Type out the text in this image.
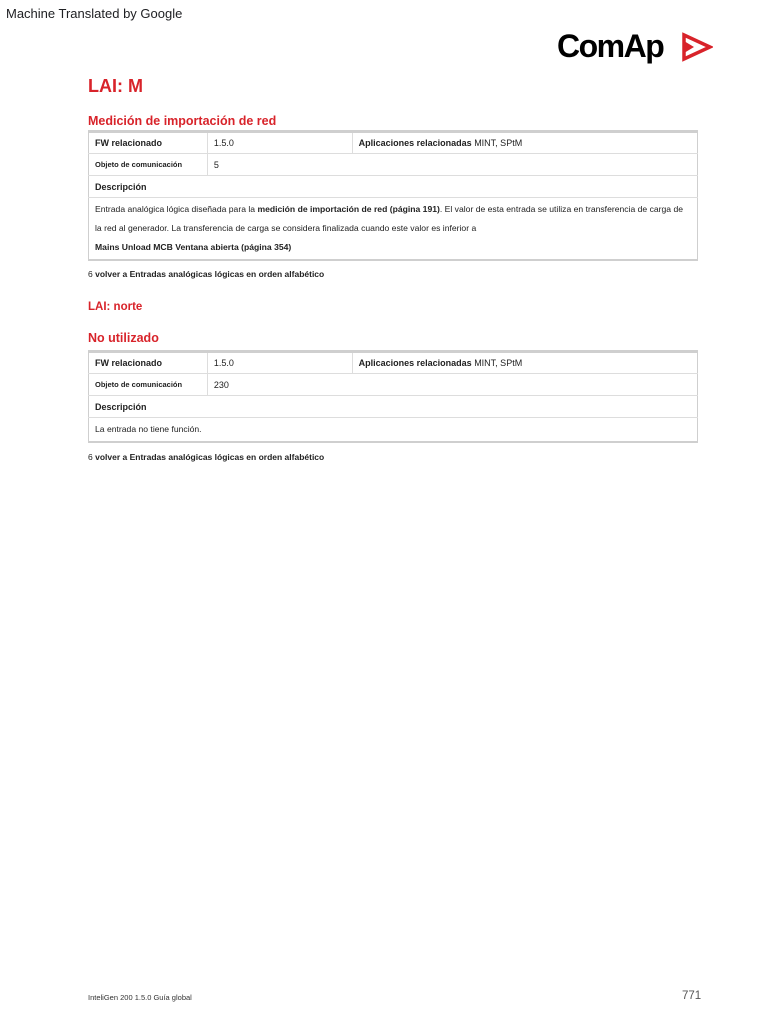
Machine Translated by Google
ComAp
LAI: M
Medición de importación de red
FW relacionado	1.5.0	Aplicaciones relacionadas MINT, SPtM
Objeto de comunicación	5	
Descripción		
Entrada analógica lógica diseñada para la medición de importación de red (página 191). El valor de esta entrada se utiliza en transferencia de carga de la red al generador. La transferencia de carga se considera finalizada cuando este valor es inferior a
Mains Unload MCB Ventana abierta (página 354)		
6 volver a Entradas analógicas lógicas en orden alfabético
LAI: norte
No utilizado
FW relacionado	1.5.0	Aplicaciones relacionadas MINT, SPtM
Objeto de comunicación	230	
Descripción		
La entrada no tiene función.		
6 volver a Entradas analógicas lógicas en orden alfabético
InteliGen 200 1.5.0 Guía global	771
